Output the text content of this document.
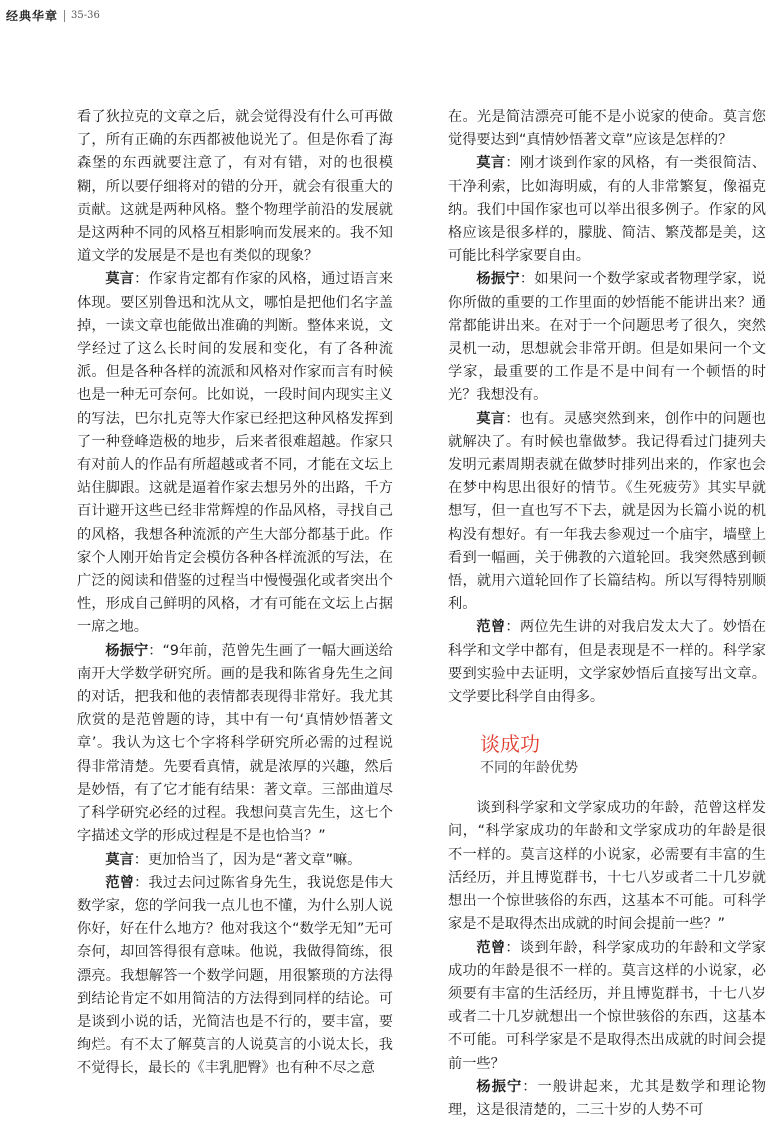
经典华章 35-36

看了狄拉克的文章之后，就会觉得没有什么可再做了，所有正确的东西都被他说光了。但是你看了海森堡的东西就要注意了，有对有错，对的也很模糊，所以要仔细将对的错的分开，就会有很重大的贡献。这就是两种风格。整个物理学前沿的发展就是这两种不同的风格互相影响而发展来的。我不知道文学的发展是不是也有类似的现象？

莫言：作家肯定都有作家的风格，通过语言来体现。要区别鲁迅和沈从文，哪怕是把他们名字盖掉，一读文章也能做出准确的判断。整体来说，文学经过了这么长时间的发展和变化，有了各种流派。但是各种各样的流派和风格对作家而言有时候也是一种无可奈何。比如说，一段时间内现实主义的写法，巴尔扎克等大作家已经把这种风格发挥到了一种登峰造极的地步，后来者很难超越。作家只有对前人的作品有所超越或者不同，才能在文坛上站住脚跟。这就是逼着作家去想另外的出路，千方百计避开这些已经非常辉煌的作品风格，寻找自己的风格，我想各种流派的产生大部分都基于此。作家个人刚开始肯定会模仿各种各样流派的写法，在广泛的阅读和借鉴的过程当中慢慢强化或者突出个性，形成自己鲜明的风格，才有可能在文坛上占据一席之地。

杨振宁：“9年前，范曾先生画了一幅大画送给南开大学数学研究所。画的是我和陈省身先生之间的对话，把我和他的表情都表现得非常好。我尤其欣赏的是范曾题的诗，其中有一句‘真情妙悟著文章’。我认为这七个字将科学研究所必需的过程说得非常清楚。先要看真情，就是浓厚的兴趣，然后是妙悟，有了它才能有结果：著文章。三部曲道尽了科学研究必经的过程。我想问莫言先生，这七个字描述文学的形成过程是不是也恰当？”

莫言：更加恰当了，因为是“著文章”嘛。

范曾：我过去问过陈省身先生，我说您是伟大数学家，您的学问我一点儿也不懂，为什么别人说你好，好在什么地方？他对我这个“数学无知”无可奈何，却回答得很有意味。他说，我做得简练，很漂亮。我想解答一个数学问题，用很繁琐的方法得到结论肯定不如用简洁的方法得到同样的结论。可是谈到小说的话，光简洁也是不行的，要丰富，要绚烂。有不太了解莫言的人说莫言的小说太长，我不觉得长，最长的《丰乳肥臀》也有种不尽之意

在。光是简洁漂亮可能不是小说家的使命。莫言您觉得要达到“真情妙悟著文章”应该是怎样的？

莫言：刚才谈到作家的风格，有一类很简洁、干净利索，比如海明威，有的人非常繁复，像福克纳。我们中国作家也可以举出很多例子。作家的风格应该是很多样的，朦胧、简洁、繁茂都是美，这可能比科学家要自由。

杨振宁：如果问一个数学家或者物理学家，说你所做的重要的工作里面的妙悟能不能讲出来？通常都能讲出来。在对于一个问题思考了很久，突然灵机一动，思想就会非常开朗。但是如果问一个文学家，最重要的工作是不是中间有一个顿悟的时光？我想没有。

莫言：也有。灵感突然到来，创作中的问题也就解决了。有时候也靠做梦。我记得看过门捷列夫发明元素周期表就在做梦时排列出来的，作家也会在梦中构思出很好的情节。《生死疲劳》其实早就想写，但一直也写不下去，就是因为长篇小说的机构没有想好。有一年我去参观过一个庙宇，墙壁上看到一幅画，关于佛教的六道轮回。我突然感到顿悟，就用六道轮回作了长篇结构。所以写得特别顺利。

范曾：两位先生讲的对我启发太大了。妙悟在科学和文学中都有，但是表现是不一样的。科学家要到实验中去证明，文学家妙悟后直接写出文章。文学要比科学自由得多。

谈成功
不同的年龄优势

谈到科学家和文学家成功的年龄，范曾这样发问，“科学家成功的年龄和文学家成功的年龄是很不一样的。莫言这样的小说家，必需要有丰富的生活经历，并且博览群书，十七八岁或者二十几岁就想出一个惊世骇俗的东西，这基本不可能。可科学家是不是取得杰出成就的时间会提前一些？”

范曾：谈到年龄，科学家成功的年龄和文学家成功的年龄是很不一样的。莫言这样的小说家，必须要有丰富的生活经历，并且博览群书，十七八岁或者二十几岁就想出一个惊世骇俗的东西，这基本不可能。可科学家是不是取得杰出成就的时间会提前一些？

杨振宁：一般讲起来，尤其是数学和理论物理，这是很清楚的，二三十岁的人势不可
